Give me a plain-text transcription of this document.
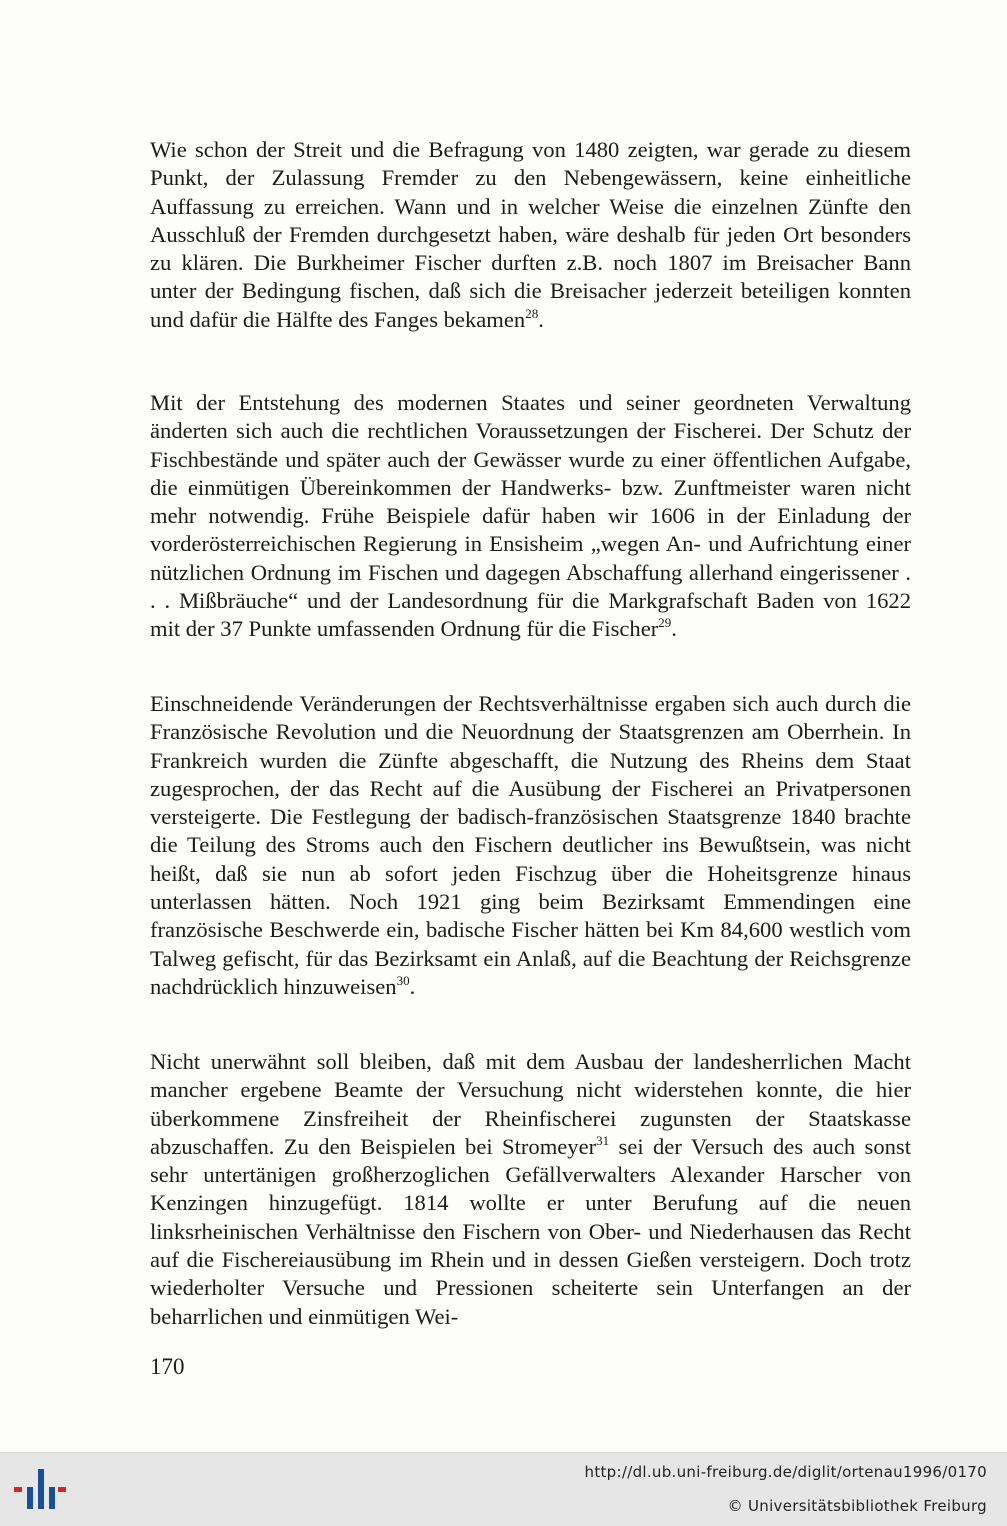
Wie schon der Streit und die Befragung von 1480 zeigten, war gerade zu diesem Punkt, der Zulassung Fremder zu den Nebengewässern, keine einheitliche Auffassung zu erreichen. Wann und in welcher Weise die einzelnen Zünfte den Ausschluß der Fremden durchgesetzt haben, wäre deshalb für jeden Ort besonders zu klären. Die Burkheimer Fischer durften z.B. noch 1807 im Breisacher Bann unter der Bedingung fischen, daß sich die Breisacher jederzeit beteiligen konnten und dafür die Hälfte des Fanges bekamen$^{28}$.

Mit der Entstehung des modernen Staates und seiner geordneten Verwaltung änderten sich auch die rechtlichen Voraussetzungen der Fischerei. Der Schutz der Fischbestände und später auch der Gewässer wurde zu einer öffentlichen Aufgabe, die einmütigen Übereinkommen der Handwerks- bzw. Zunftmeister waren nicht mehr notwendig. Frühe Beispiele dafür haben wir 1606 in der Einladung der vorderösterreichischen Regierung in Ensisheim „wegen An- und Aufrichtung einer nützlichen Ordnung im Fischen und dagegen Abschaffung allerhand eingerissener . . . Mißbräuche“ und der Landesordnung für die Markgrafschaft Baden von 1622 mit der 37 Punkte umfassenden Ordnung für die Fischer$^{29}$.

Einschneidende Veränderungen der Rechtsverhältnisse ergaben sich auch durch die Französische Revolution und die Neuordnung der Staatsgrenzen am Oberrhein. In Frankreich wurden die Zünfte abgeschafft, die Nutzung des Rheins dem Staat zugesprochen, der das Recht auf die Ausübung der Fischerei an Privatpersonen versteigerte. Die Festlegung der badisch-französischen Staatsgrenze 1840 brachte die Teilung des Stroms auch den Fischern deutlicher ins Bewußtsein, was nicht heißt, daß sie nun ab sofort jeden Fischzug über die Hoheitsgrenze hinaus unterlassen hätten. Noch 1921 ging beim Bezirksamt Emmendingen eine französische Beschwerde ein, badische Fischer hätten bei Km 84,600 westlich vom Talweg gefischt, für das Bezirksamt ein Anlaß, auf die Beachtung der Reichsgrenze nachdrücklich hinzuweisen$^{30}$.

Nicht unerwähnt soll bleiben, daß mit dem Ausbau der landesherrlichen Macht mancher ergebene Beamte der Versuchung nicht widerstehen konnte, die hier überkommene Zinsfreiheit der Rheinfischerei zugunsten der Staatskasse abzuschaffen. Zu den Beispielen bei Stromeyer$^{31}$ sei der Versuch des auch sonst sehr untertänigen großherzoglichen Gefällverwalters Alexander Harscher von Kenzingen hinzugefügt. 1814 wollte er unter Berufung auf die neuen linksrheinischen Verhältnisse den Fischern von Ober- und Niederhausen das Recht auf die Fischereiausübung im Rhein und in dessen Gießen versteigern. Doch trotz wiederholter Versuche und Pressionen scheiterte sein Unterfangen an der beharrlichen und einmütigen Wei-

170
http://dl.ub.uni-freiburg.de/diglit/ortenau1996/0170
© Universitätsbibliothek Freiburg
